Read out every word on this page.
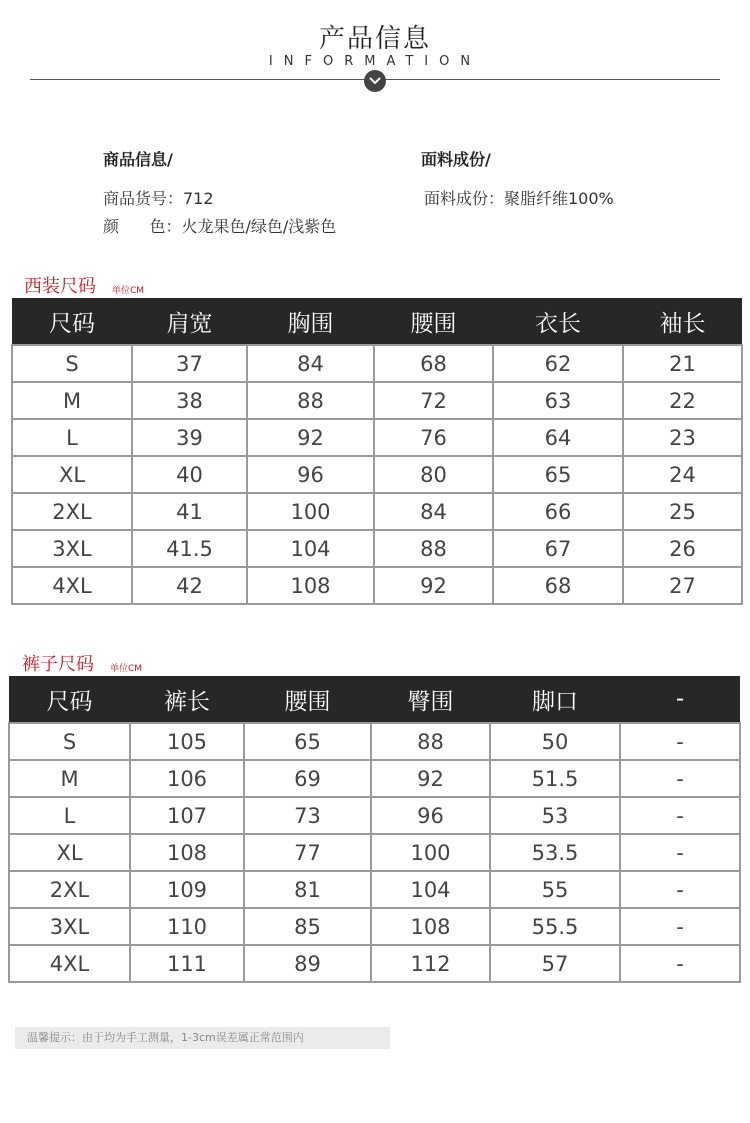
产品信息
INFORMATION
商品信息/
商品货号：712
颜      色：火龙果色/绿色/浅紫色
面料成份/
面料成份：聚脂纤维100%
西装尺码 单位CM
尺码	肩宽	胸围	腰围	衣长	袖长
S	37	84	68	62	21
M	38	88	72	63	22
L	39	92	76	64	23
XL	40	96	80	65	24
2XL	41	100	84	66	25
3XL	41.5	104	88	67	26
4XL	42	108	92	68	27
裤子尺码 单位CM
尺码	裤长	腰围	臀围	脚口	-
S	105	65	88	50	-
M	106	69	92	51.5	-
L	107	73	96	53	-
XL	108	77	100	53.5	-
2XL	109	81	104	55	-
3XL	110	85	108	55.5	-
4XL	111	89	112	57	-
温馨提示：由于均为手工测量，1-3cm误差属正常范围内
